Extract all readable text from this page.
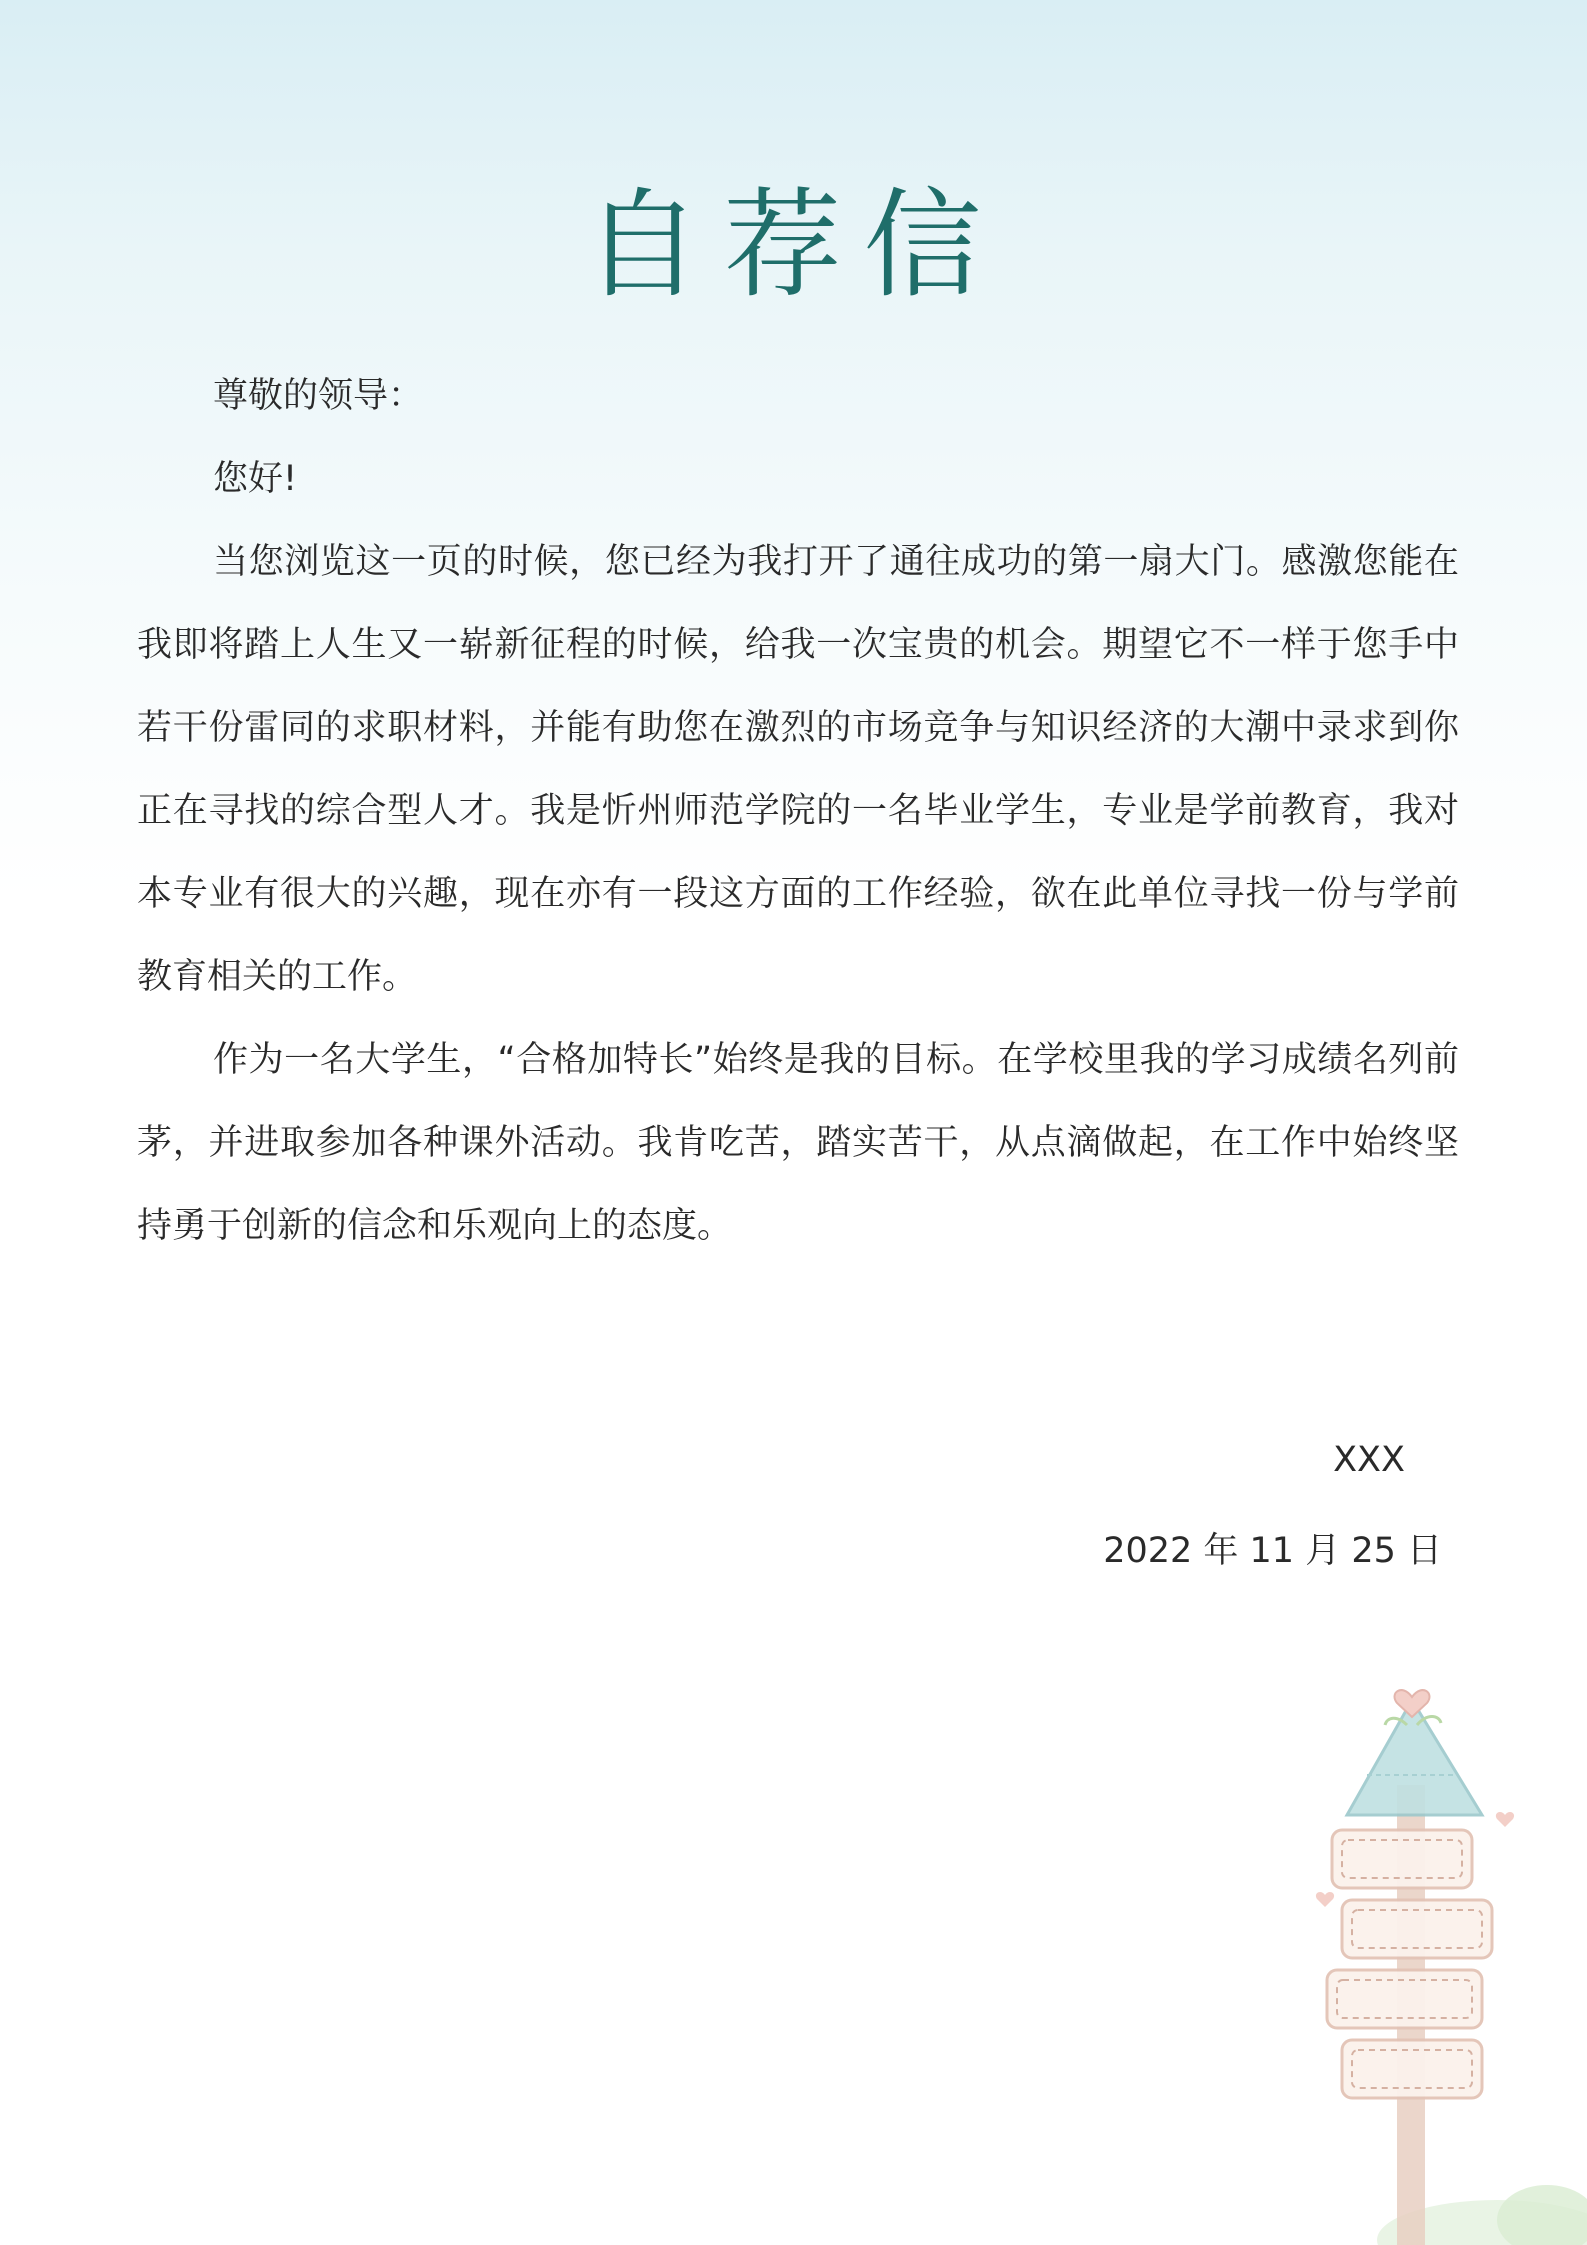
自荐信
尊敬的领导：
您好!

当您浏览这一页的时候，您已经为我打开了通往成功的第一扇大门。感激您能在我即将踏上人生又一崭新征程的时候，给我一次宝贵的机会。期望它不一样于您手中若干份雷同的求职材料，并能有助您在激烈的市场竞争与知识经济的大潮中录求到你正在寻找的综合型人才。我是忻州师范学院的一名毕业学生，专业是学前教育，我对本专业有很大的兴趣，现在亦有一段这方面的工作经验，欲在此单位寻找一份与学前教育相关的工作。

作为一名大学生，“合格加特长”始终是我的目标。在学校里我的学习成绩名列前茅，并进取参加各种课外活动。我肯吃苦，踏实苦干，从点滴做起，在工作中始终坚持勇于创新的信念和乐观向上的态度。

XXX
2022 年 11 月 25 日
